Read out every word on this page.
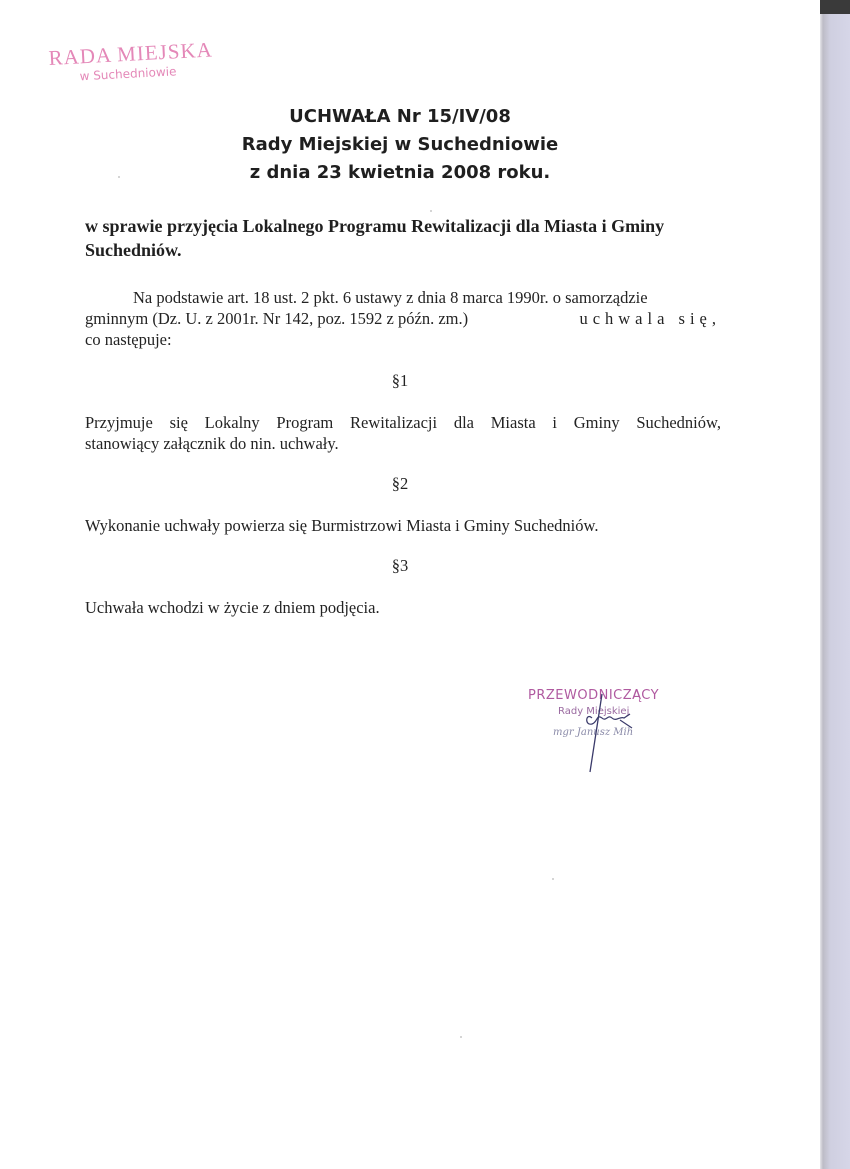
RADA MIEJSKA
w Suchedniowie
UCHWAŁA Nr 15/IV/08
Rady Miejskiej w Suchedniowie
z dnia 23 kwietnia 2008 roku.
w sprawie przyjęcia Lokalnego Programu Rewitalizacji dla Miasta i Gminy Suchedniów.
Na podstawie art. 18 ust. 2 pkt. 6 ustawy z dnia 8 marca 1990r. o samorządzie
gminnym (Dz. U. z 2001r. Nr 142, poz. 1592 z późn. zm.)	uchwala się,
co następuje:
§1
Przyjmuje się Lokalny Program Rewitalizacji dla Miasta i Gminy Suchedniów,
stanowiący załącznik do nin. uchwały.
§2
Wykonanie uchwały powierza się Burmistrzowi Miasta i Gminy Suchedniów.
§3
Uchwała wchodzi w życie z dniem podjęcia.
PRZEWODNICZĄCY
Rady Miejskiej
mgr Janusz Mih
